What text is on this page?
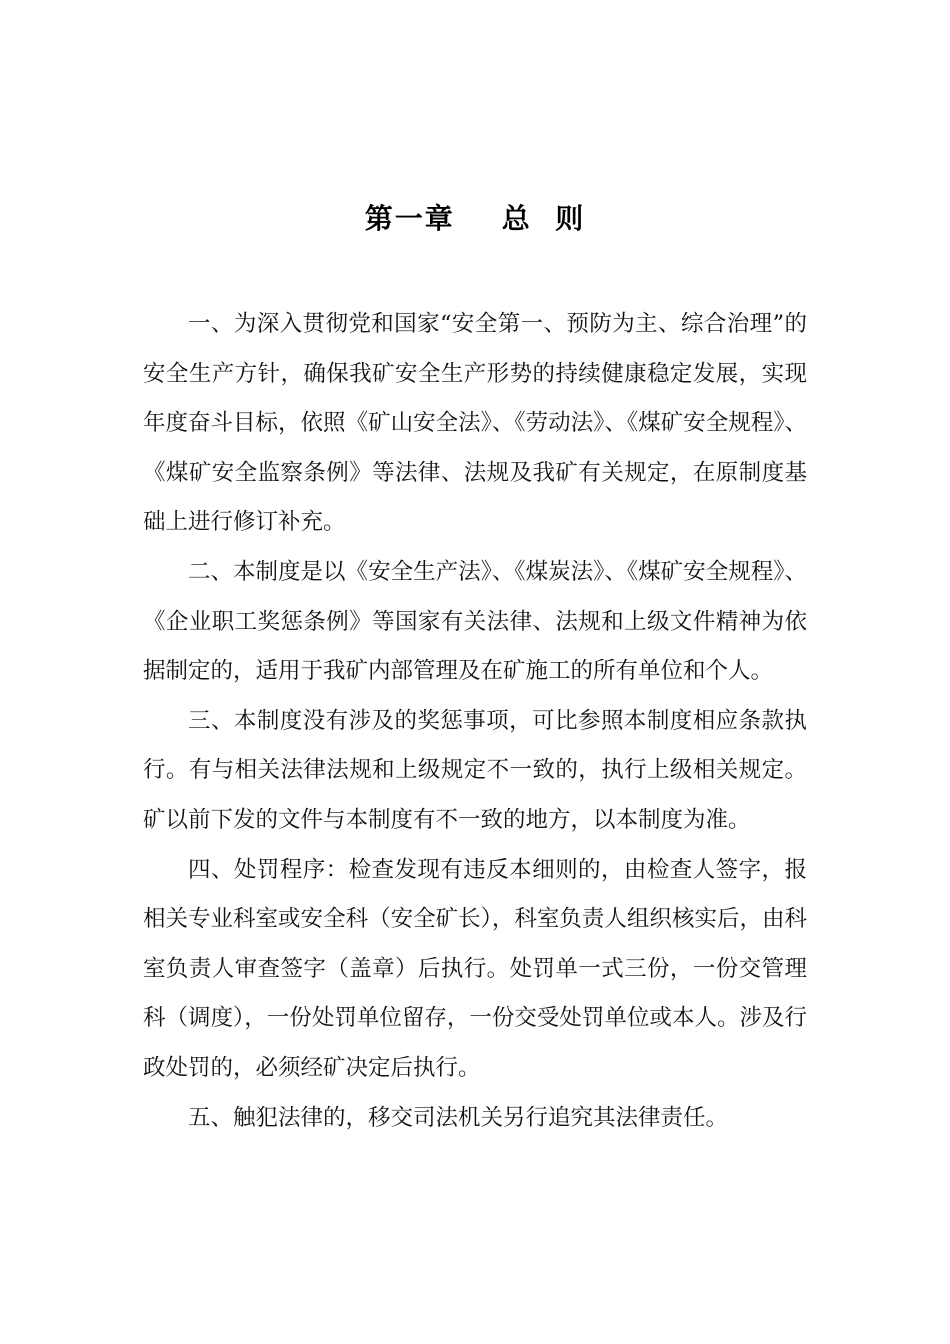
第一章    总  则

一、为深入贯彻党和国家“安全第一、预防为主、综合治理”的安全生产方针，确保我矿安全生产形势的持续健康稳定发展，实现年度奋斗目标，依照《矿山安全法》、《劳动法》、《煤矿安全规程》、《煤矿安全监察条例》等法律、法规及我矿有关规定，在原制度基础上进行修订补充。

二、本制度是以《安全生产法》、《煤炭法》、《煤矿安全规程》、《企业职工奖惩条例》等国家有关法律、法规和上级文件精神为依据制定的，适用于我矿内部管理及在矿施工的所有单位和个人。

三、本制度没有涉及的奖惩事项，可比参照本制度相应条款执行。有与相关法律法规和上级规定不一致的，执行上级相关规定。矿以前下发的文件与本制度有不一致的地方，以本制度为准。

四、处罚程序：检查发现有违反本细则的，由检查人签字，报相关专业科室或安全科（安全矿长），科室负责人组织核实后，由科室负责人审查签字（盖章）后执行。处罚单一式三份，一份交管理科（调度），一份处罚单位留存，一份交受处罚单位或本人。涉及行政处罚的，必须经矿决定后执行。

五、触犯法律的，移交司法机关另行追究其法律责任。
